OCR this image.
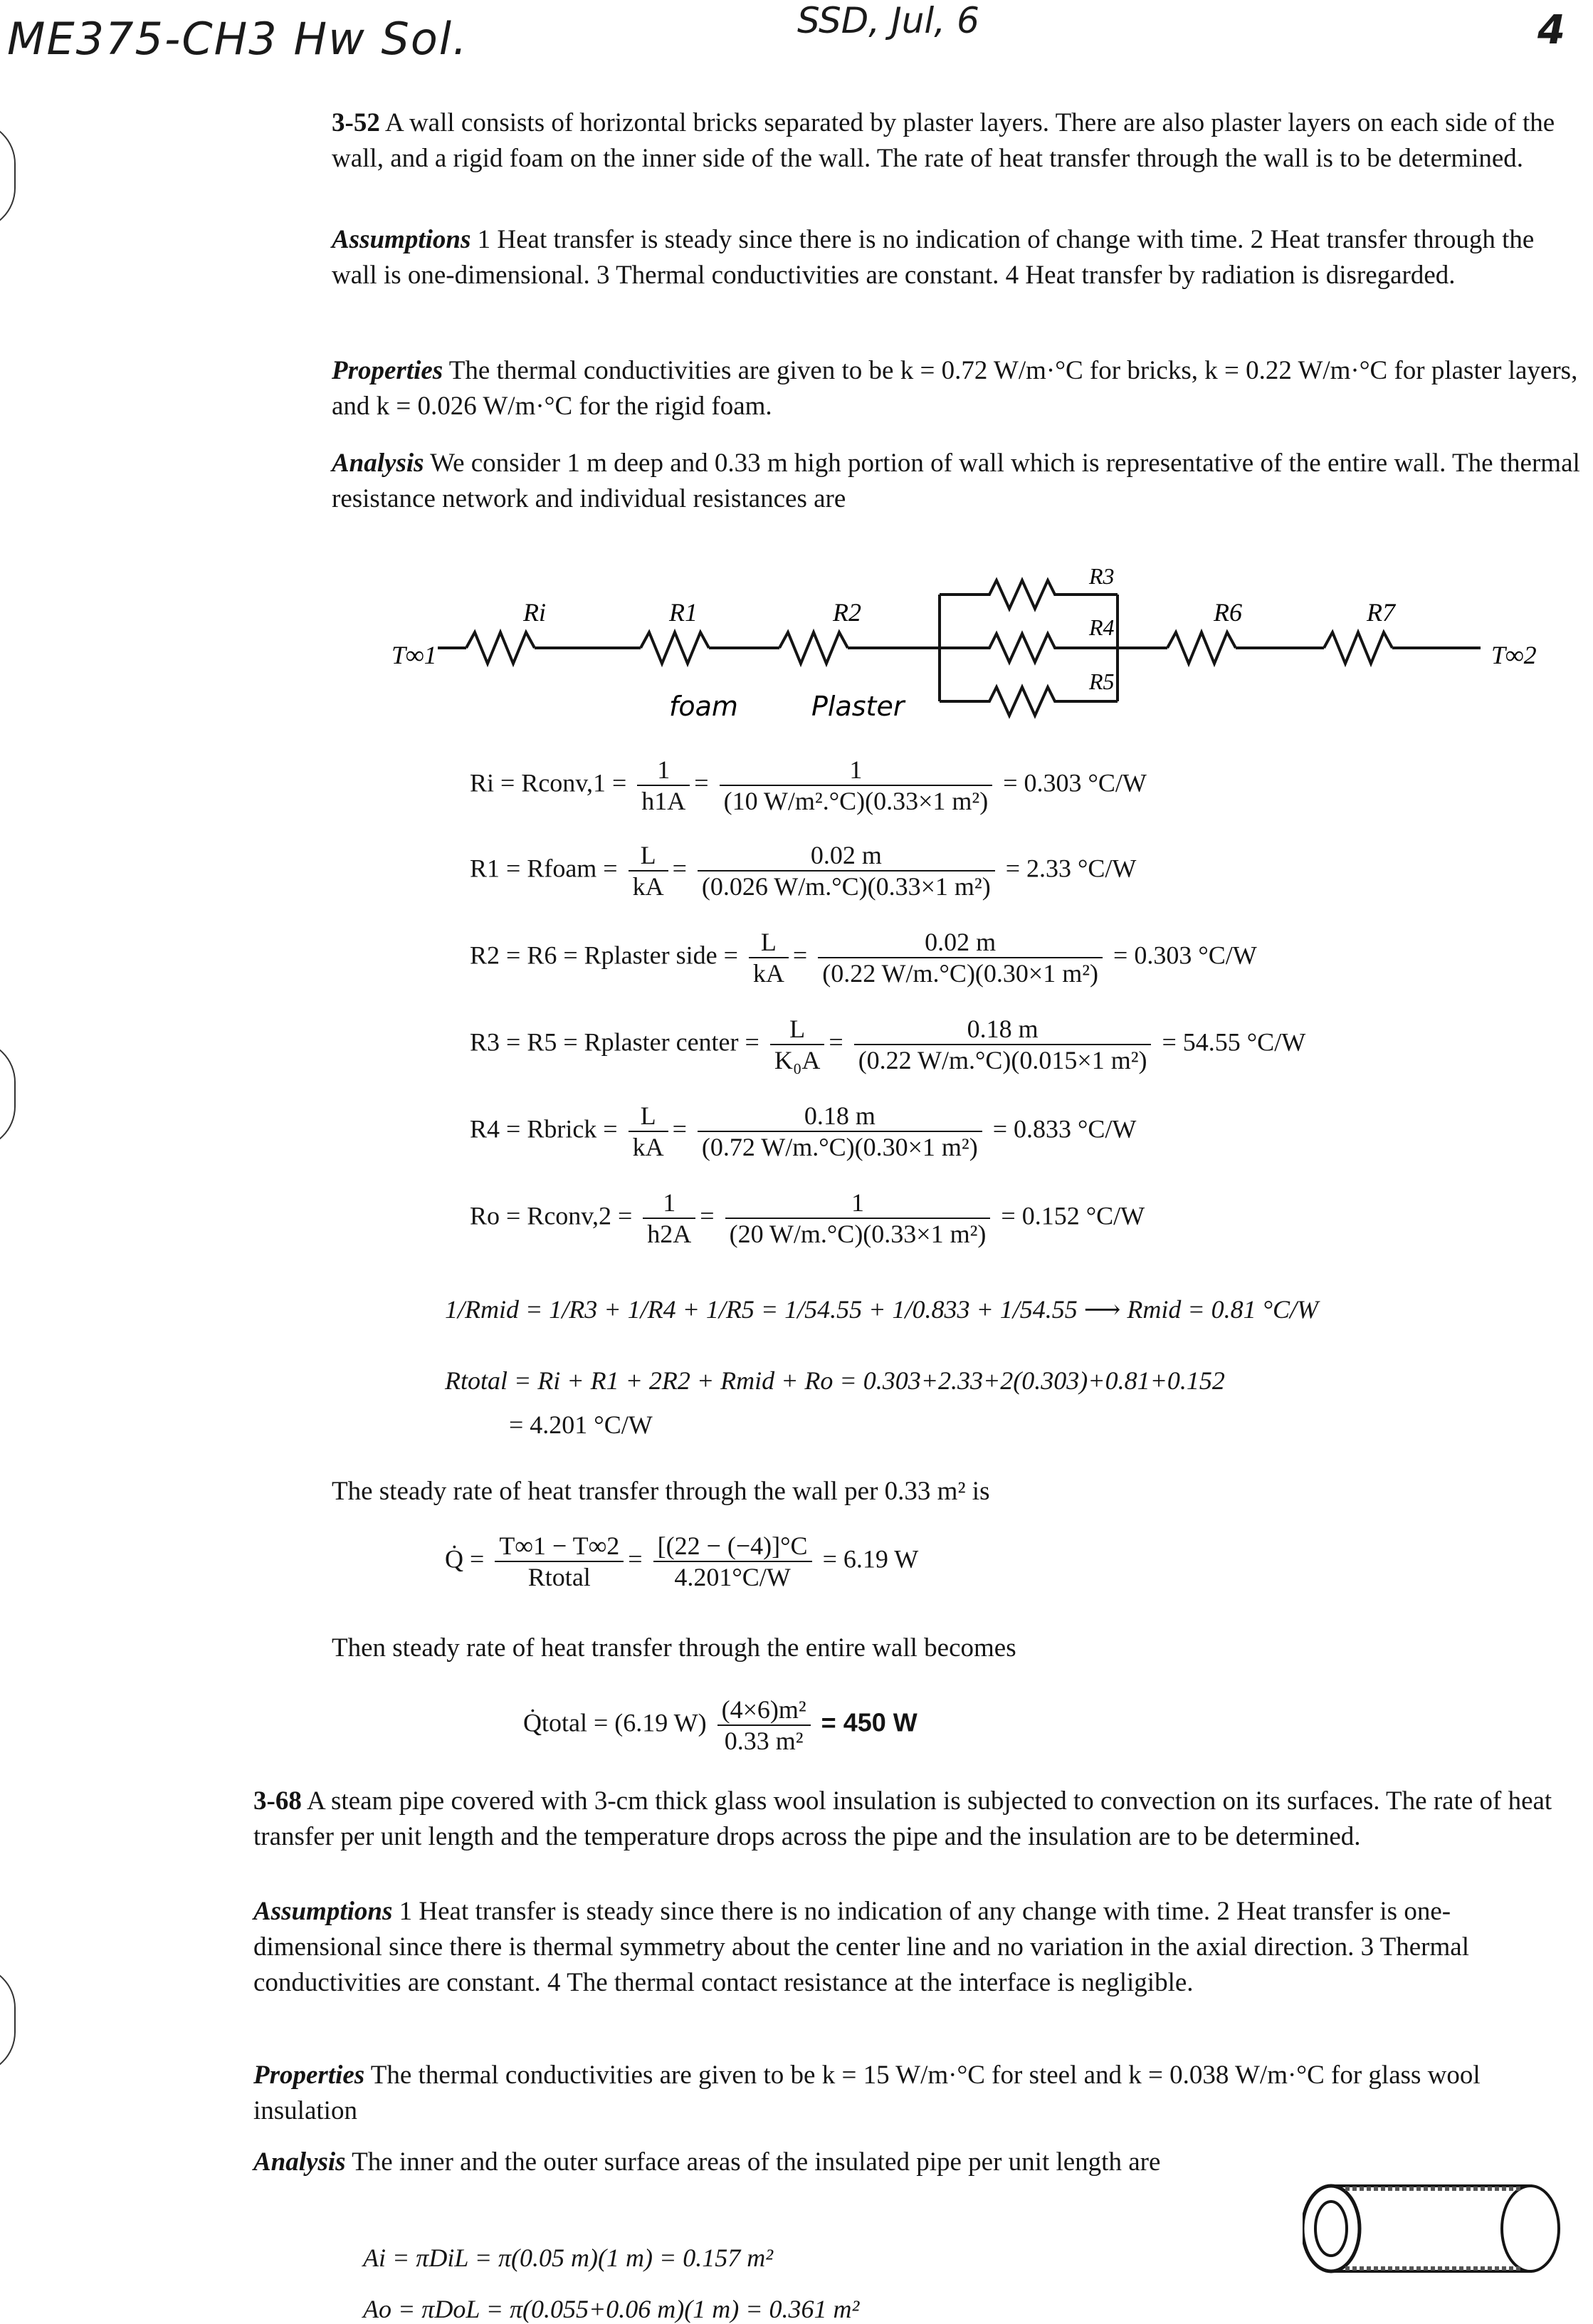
ME375-CH3 Hw Sol.	SSD, Jul, 6	4
3-52 A wall consists of horizontal bricks separated by plaster layers. There are also plaster layers on each side of the wall, and a rigid foam on the inner side of the wall. The rate of heat transfer through the wall is to be determined.
Assumptions 1 Heat transfer is steady since there is no indication of change with time. 2 Heat transfer through the wall is one-dimensional. 3 Thermal conductivities are constant. 4 Heat transfer by radiation is disregarded.
Properties The thermal conductivities are given to be k = 0.72 W/m·°C for bricks, k = 0.22 W/m·°C for plaster layers, and k = 0.026 W/m·°C for the rigid foam.
Analysis We consider 1 m deep and 0.33 m high portion of wall which is representative of the entire wall. The thermal resistance network and individual resistances are
T∞1	T∞2
Ri	R1	R2
R3
R4
R5
R6	R7
foam	Plaster
Ri = Rconv,1 = $\frac{1}{h1A} = \frac{1}{\text{(10 W/m².°C)(0.33×1 m²)}} = 0.303$ °C/W
R1 = Rfoam = $\frac{L}{kA} = \frac{0.02 m}{\text{(0.026 W/m.°C)(0.33×1 m²)}} = 2.33$ °C/W
R2 = R6 = Rplaster side = $\frac{L}{kA} = \frac{0.02 m}{\text{(0.22 W/m.°C)(0.30×1 m²)}} = 0.303$ °C/W
R3 = R5 = Rplaster center = $\frac{L}{\text{K₀A}} = \frac{0.18 m}{\text{(0.22 W/m.°C)(0.015×1 m²)}} = 54.55$ °C/W
R4 = Rbrick = $\frac{L}{kA} = \frac{0.18 m}{\text{(0.72 W/m.°C)(0.30×1 m²)}} = 0.833$ °C/W
Ro = Rconv,2 = $\frac{1}{h2A} = \frac{1}{\text{(20 W/m.°C)(0.33×1 m²)}} = 0.152$ °C/W
1/Rmid = 1/R3 + 1/R4 + 1/R5 = 1/54.55 + 1/0.833 + 1/54.55 ⟶ Rmid = 0.81 °C/W
Rtotal = Ri + R1 + 2R2 + Rmid + Ro = 0.303+2.33+2(0.303)+0.81+0.152
= 4.201 °C/W
The steady rate of heat transfer through the wall per 0.33 m² is
Q̇ = $\frac{T\infty 1 - T\infty 2}{\text{Rtotal}} = \frac{[(22 - (-4)]^\circ C}{4.201^\circ C/W} = 6.19$ W
Then steady rate of heat transfer through the entire wall becomes
Q̇total = (6.19 $W) \frac{\text{(4×6)m²}}{\text{0.33 m²}} = 450$ W
3-68 A steam pipe covered with 3-cm thick glass wool insulation is subjected to convection on its surfaces. The rate of heat transfer per unit length and the temperature drops across the pipe and the insulation are to be determined.
Assumptions 1 Heat transfer is steady since there is no indication of any change with time. 2 Heat transfer is one-dimensional since there is thermal symmetry about the center line and no variation in the axial direction. 3 Thermal conductivities are constant. 4 The thermal contact resistance at the interface is negligible.
Properties The thermal conductivities are given to be k = 15 W/m·°C for steel and k = 0.038 W/m·°C for glass wool insulation
Analysis The inner and the outer surface areas of the insulated pipe per unit length are
Ai = πDiL = π(0.05 m)(1 m) = 0.157 m²
Ao = πDoL = π(0.055+0.06 m)(1 m) = 0.361 m²
